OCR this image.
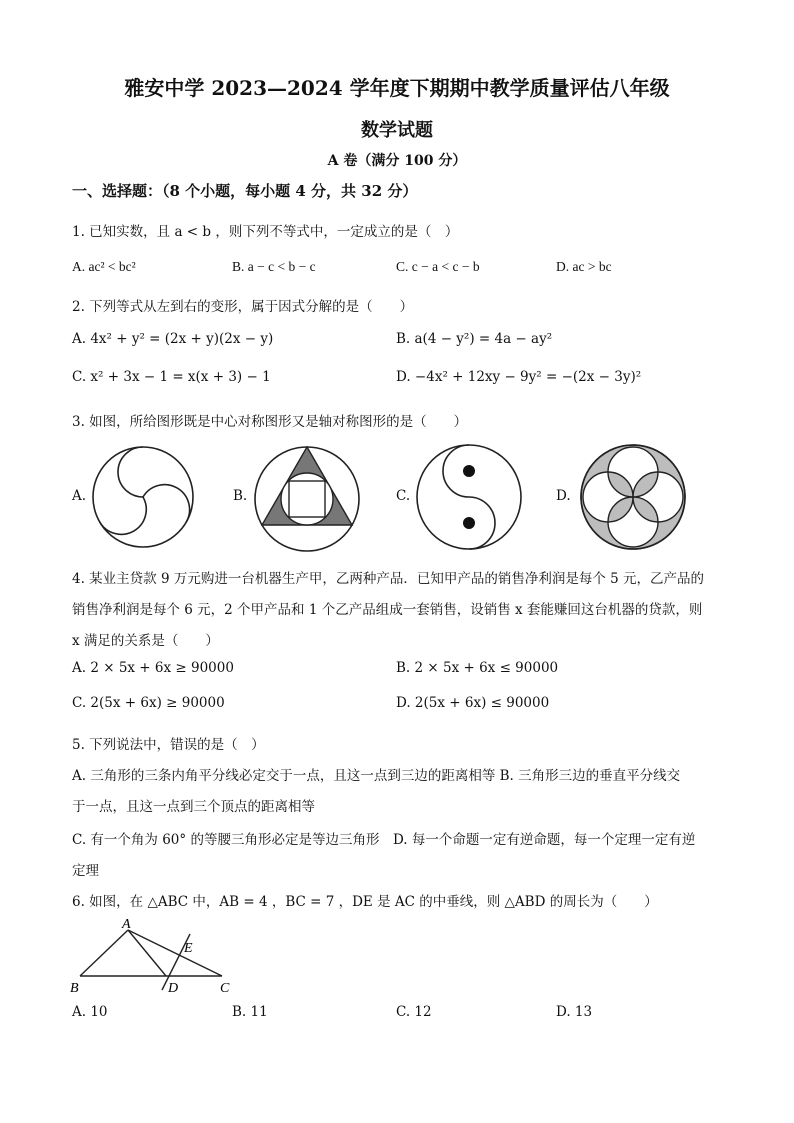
雅安中学 2023—2024 学年度下期期中教学质量评估八年级
数学试题
A 卷（满分 100 分）
一、选择题：（8 个小题，每小题 4 分，共 32 分）
1. 已知实数，且 a < b ，则下列不等式中，一定成立的是（　）
A. ac² < bc²	B. a − c < b − c	C. c − a < c − b	D. ac > bc
2. 下列等式从左到右的变形，属于因式分解的是（　　）
A. 4x² + y² = (2x + y)(2x − y)	B. a(4 − y²) = 4a − ay²
C. x² + 3x − 1 = x(x + 3) − 1	D. −4x² + 12xy − 9y² = −(2x − 3y)²
3. 如图，所给图形既是中心对称图形又是轴对称图形的是（　　）
A.	B.	C.	D.
4. 某业主贷款 9 万元购进一台机器生产甲，乙两种产品．已知甲产品的销售净利润是每个 5 元，乙产品的
销售净利润是每个 6 元，2 个甲产品和 1 个乙产品组成一套销售，设销售 x 套能赚回这台机器的贷款，则
x 满足的关系是（　　）
A. 2 × 5x + 6x ≥ 90000	B. 2 × 5x + 6x ≤ 90000
C. 2(5x + 6x) ≥ 90000	D. 2(5x + 6x) ≤ 90000
5. 下列说法中，错误的是（　）
A. 三角形的三条内角平分线必定交于一点，且这一点到三边的距离相等 B. 三角形三边的垂直平分线交
于一点，且这一点到三个顶点的距离相等
C. 有一个角为 60° 的等腰三角形必定是等边三角形　D. 每一个命题一定有逆命题，每一个定理一定有逆
定理
6. 如图，在 △ABC 中，AB = 4 ，BC = 7 ，DE 是 AC 的中垂线，则 △ABD 的周长为（　　）
A
B	C
D
E
A. 10	B. 11	C. 12	D. 13
